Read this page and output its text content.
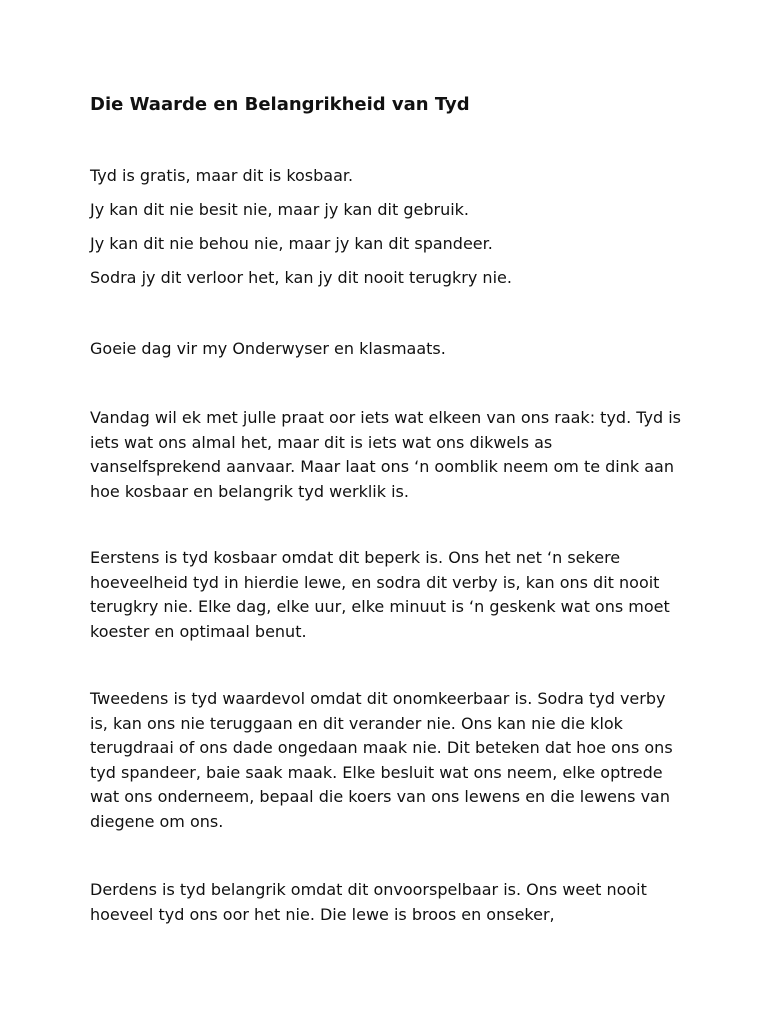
Die Waarde en Belangrikheid van Tyd

Tyd is gratis, maar dit is kosbaar.

Jy kan dit nie besit nie, maar jy kan dit gebruik.

Jy kan dit nie behou nie, maar jy kan dit spandeer.

Sodra jy dit verloor het, kan jy dit nooit terugkry nie.

Goeie dag vir my Onderwyser en klasmaats.

Vandag wil ek met julle praat oor iets wat elkeen van ons raak: tyd. Tyd is iets wat ons almal het, maar dit is iets wat ons dikwels as vanselfsprekend aanvaar. Maar laat ons ‘n oomblik neem om te dink aan hoe kosbaar en belangrik tyd werklik is.

Eerstens is tyd kosbaar omdat dit beperk is. Ons het net ‘n sekere hoeveelheid tyd in hierdie lewe, en sodra dit verby is, kan ons dit nooit terugkry nie. Elke dag, elke uur, elke minuut is ‘n geskenk wat ons moet koester en optimaal benut.

Tweedens is tyd waardevol omdat dit onomkeerbaar is. Sodra tyd verby is, kan ons nie teruggaan en dit verander nie. Ons kan nie die klok terugdraai of ons dade ongedaan maak nie. Dit beteken dat hoe ons ons tyd spandeer, baie saak maak. Elke besluit wat ons neem, elke optrede wat ons onderneem, bepaal die koers van ons lewens en die lewens van diegene om ons.

Derdens is tyd belangrik omdat dit onvoorspelbaar is. Ons weet nooit hoeveel tyd ons oor het nie. Die lewe is broos en onseker,
